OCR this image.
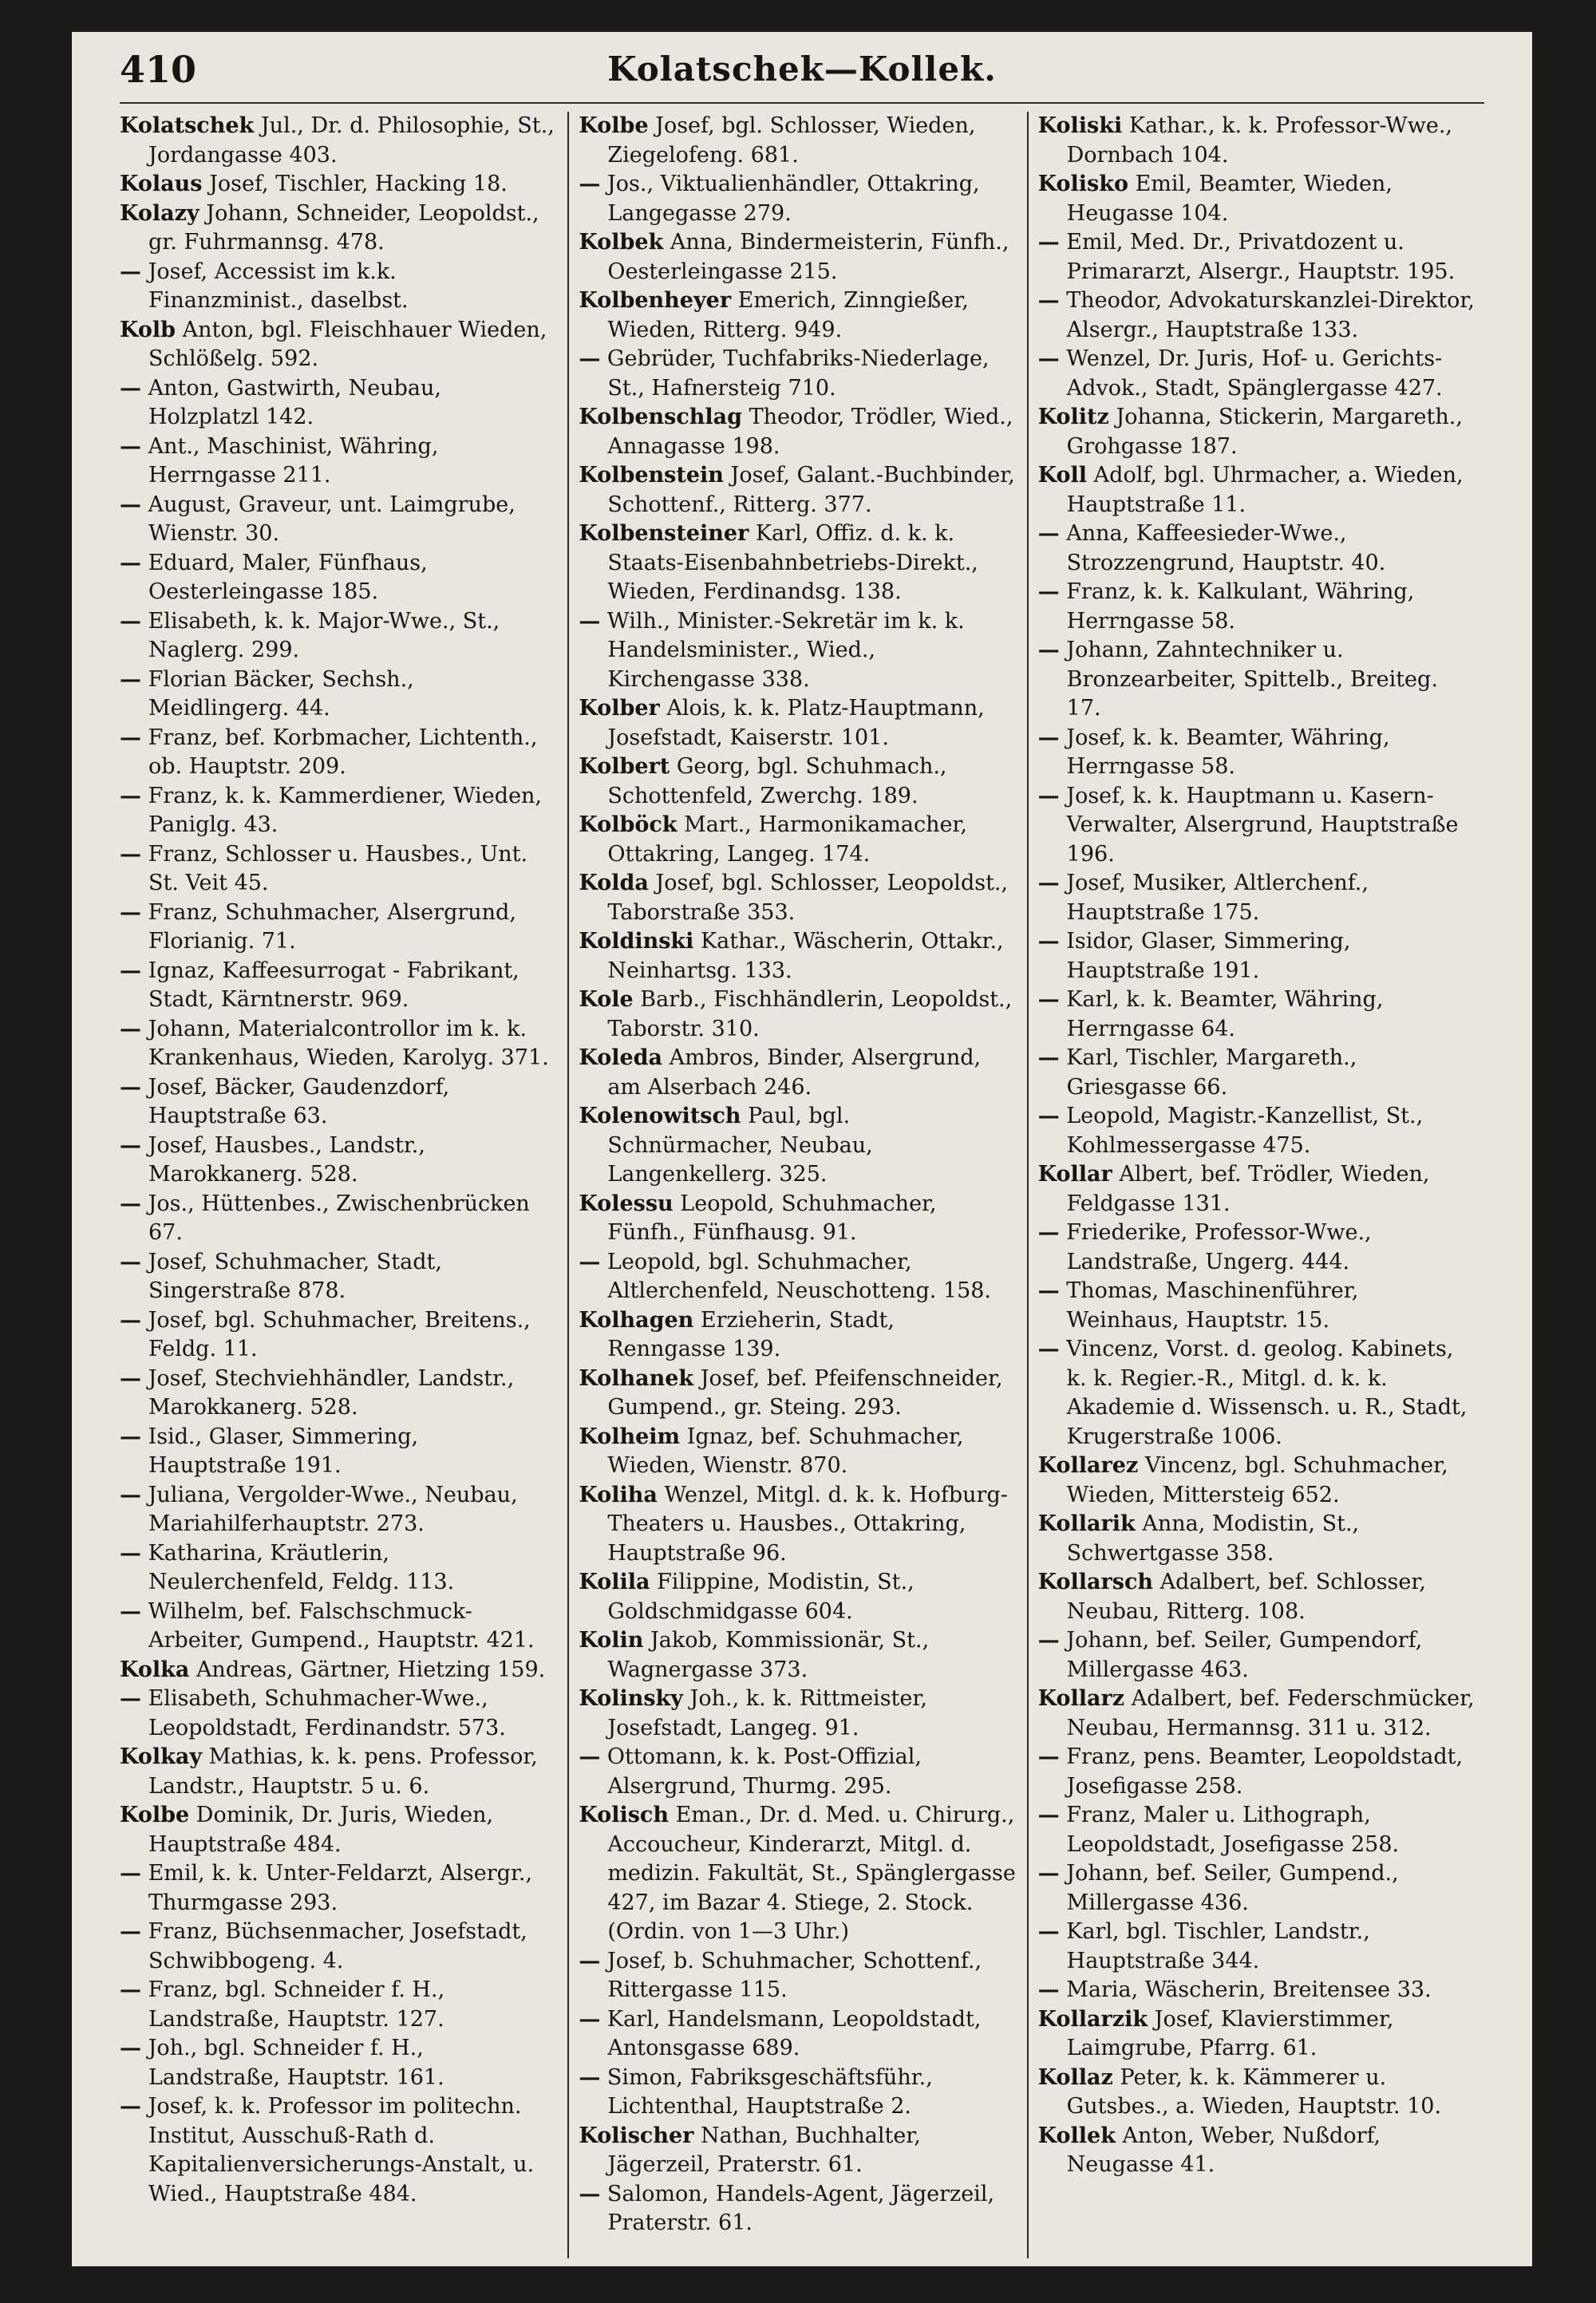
410	Kolatschek—Kollek.
Kolatschek Jul., Dr. d. Philosophie, St., Jordangasse 403.
Kolaus Josef, Tischler, Hacking 18.
Kolazy Johann, Schneider, Leopoldst., gr. Fuhrmannsg. 478.
— Josef, Accessist im k.k. Finanzminist., daselbst.
Kolb Anton, bgl. Fleischhauer Wieden, Schlößelg. 592.
— Anton, Gastwirth, Neubau, Holzplatzl 142.
— Ant., Maschinist, Währing, Herrngasse 211.
— August, Graveur, unt. Laimgrube, Wienstr. 30.
— Eduard, Maler, Fünfhaus, Oesterleingasse 185.
— Elisabeth, k. k. Major-Wwe., St., Naglerg. 299.
— Florian Bäcker, Sechsh., Meidlingerg. 44.
— Franz, bef. Korbmacher, Lichtenth., ob. Hauptstr. 209.
— Franz, k. k. Kammerdiener, Wieden, Paniglg. 43.
— Franz, Schlosser u. Hausbes., Unt. St. Veit 45.
— Franz, Schuhmacher, Alsergrund, Florianig. 71.
— Ignaz, Kaffeesurrogat - Fabrikant, Stadt, Kärntnerstr. 969.
— Johann, Materialcontrollor im k. k. Krankenhaus, Wieden, Karolyg. 371.
— Josef, Bäcker, Gaudenzdorf, Hauptstraße 63.
— Josef, Hausbes., Landstr., Marokkanerg. 528.
— Jos., Hüttenbes., Zwischenbrücken 67.
— Josef, Schuhmacher, Stadt, Singerstraße 878.
— Josef, bgl. Schuhmacher, Breitens., Feldg. 11.
— Josef, Stechviehhändler, Landstr., Marokkanerg. 528.
— Isid., Glaser, Simmering, Hauptstraße 191.
— Juliana, Vergolder-Wwe., Neubau, Mariahilferhauptstr. 273.
— Katharina, Kräutlerin, Neulerchenfeld, Feldg. 113.
— Wilhelm, bef. Falschschmuck-Arbeiter, Gumpend., Hauptstr. 421.
Kolka Andreas, Gärtner, Hietzing 159.
— Elisabeth, Schuhmacher-Wwe., Leopoldstadt, Ferdinandstr. 573.
Kolkay Mathias, k. k. pens. Professor, Landstr., Hauptstr. 5 u. 6.
Kolbe Dominik, Dr. Juris, Wieden, Hauptstraße 484.
— Emil, k. k. Unter-Feldarzt, Alsergr., Thurmgasse 293.
— Franz, Büchsenmacher, Josefstadt, Schwibbogeng. 4.
— Franz, bgl. Schneider f. H., Landstraße, Hauptstr. 127.
— Joh., bgl. Schneider f. H., Landstraße, Hauptstr. 161.
— Josef, k. k. Professor im politechn. Institut, Ausschuß-Rath d. Kapitalienversicherungs-Anstalt, u. Wied., Hauptstraße 484.
Kolbe Josef, bgl. Schlosser, Wieden, Ziegelofeng. 681.
— Jos., Viktualienhändler, Ottakring, Langegasse 279.
Kolbek Anna, Bindermeisterin, Fünfh., Oesterleingasse 215.
Kolbenheyer Emerich, Zinngießer, Wieden, Ritterg. 949.
— Gebrüder, Tuchfabriks-Niederlage, St., Hafnersteig 710.
Kolbenschlag Theodor, Trödler, Wied., Annagasse 198.
Kolbenstein Josef, Galant.-Buchbinder, Schottenf., Ritterg. 377.
Kolbensteiner Karl, Offiz. d. k. k. Staats-Eisenbahnbetriebs-Direkt., Wieden, Ferdinandsg. 138.
— Wilh., Minister.-Sekretär im k. k. Handelsminister., Wied., Kirchengasse 338.
Kolber Alois, k. k. Platz-Hauptmann, Josefstadt, Kaiserstr. 101.
Kolbert Georg, bgl. Schuhmach., Schottenfeld, Zwerchg. 189.
Kolböck Mart., Harmonikamacher, Ottakring, Langeg. 174.
Kolda Josef, bgl. Schlosser, Leopoldst., Taborstraße 353.
Koldinski Kathar., Wäscherin, Ottakr., Neinhartsg. 133.
Kole Barb., Fischhändlerin, Leopoldst., Taborstr. 310.
Koleda Ambros, Binder, Alsergrund, am Alserbach 246.
Kolenowitsch Paul, bgl. Schnürmacher, Neubau, Langenkellerg. 325.
Kolessu Leopold, Schuhmacher, Fünfh., Fünfhausg. 91.
— Leopold, bgl. Schuhmacher, Altlerchenfeld, Neuschotteng. 158.
Kolhagen Erzieherin, Stadt, Renngasse 139.
Kolhanek Josef, bef. Pfeifenschneider, Gumpend., gr. Steing. 293.
Kolheim Ignaz, bef. Schuhmacher, Wieden, Wienstr. 870.
Koliha Wenzel, Mitgl. d. k. k. Hofburg-Theaters u. Hausbes., Ottakring, Hauptstraße 96.
Kolila Filippine, Modistin, St., Goldschmidgasse 604.
Kolin Jakob, Kommissionär, St., Wagnergasse 373.
Kolinsky Joh., k. k. Rittmeister, Josefstadt, Langeg. 91.
— Ottomann, k. k. Post-Offizial, Alsergrund, Thurmg. 295.
Kolisch Eman., Dr. d. Med. u. Chirurg., Accoucheur, Kinderarzt, Mitgl. d. medizin. Fakultät, St., Spänglergasse 427, im Bazar 4. Stiege, 2. Stock. (Ordin. von 1—3 Uhr.)
— Josef, b. Schuhmacher, Schottenf., Rittergasse 115.
— Karl, Handelsmann, Leopoldstadt, Antonsgasse 689.
— Simon, Fabriksgeschäftsführ., Lichtenthal, Hauptstraße 2.
Kolischer Nathan, Buchhalter, Jägerzeil, Praterstr. 61.
— Salomon, Handels-Agent, Jägerzeil, Praterstr. 61.
Koliski Kathar., k. k. Professor-Wwe., Dornbach 104.
Kolisko Emil, Beamter, Wieden, Heugasse 104.
— Emil, Med. Dr., Privatdozent u. Primararzt, Alsergr., Hauptstr. 195.
— Theodor, Advokaturskanzlei-Direktor, Alsergr., Hauptstraße 133.
— Wenzel, Dr. Juris, Hof- u. Gerichts-Advok., Stadt, Spänglergasse 427.
Kolitz Johanna, Stickerin, Margareth., Grohgasse 187.
Koll Adolf, bgl. Uhrmacher, a. Wieden, Hauptstraße 11.
— Anna, Kaffeesieder-Wwe., Strozzengrund, Hauptstr. 40.
— Franz, k. k. Kalkulant, Währing, Herrngasse 58.
— Johann, Zahntechniker u. Bronzearbeiter, Spittelb., Breiteg. 17.
— Josef, k. k. Beamter, Währing, Herrngasse 58.
— Josef, k. k. Hauptmann u. Kasern-Verwalter, Alsergrund, Hauptstraße 196.
— Josef, Musiker, Altlerchenf., Hauptstraße 175.
— Isidor, Glaser, Simmering, Hauptstraße 191.
— Karl, k. k. Beamter, Währing, Herrngasse 64.
— Karl, Tischler, Margareth., Griesgasse 66.
— Leopold, Magistr.-Kanzellist, St., Kohlmessergasse 475.
Kollar Albert, bef. Trödler, Wieden, Feldgasse 131.
— Friederike, Professor-Wwe., Landstraße, Ungerg. 444.
— Thomas, Maschinenführer, Weinhaus, Hauptstr. 15.
— Vincenz, Vorst. d. geolog. Kabinets, k. k. Regier.-R., Mitgl. d. k. k. Akademie d. Wissensch. u. R., Stadt, Krugerstraße 1006.
Kollarez Vincenz, bgl. Schuhmacher, Wieden, Mittersteig 652.
Kollarik Anna, Modistin, St., Schwertgasse 358.
Kollarsch Adalbert, bef. Schlosser, Neubau, Ritterg. 108.
— Johann, bef. Seiler, Gumpendorf, Millergasse 463.
Kollarz Adalbert, bef. Federschmücker, Neubau, Hermannsg. 311 u. 312.
— Franz, pens. Beamter, Leopoldstadt, Josefigasse 258.
— Franz, Maler u. Lithograph, Leopoldstadt, Josefigasse 258.
— Johann, bef. Seiler, Gumpend., Millergasse 436.
— Karl, bgl. Tischler, Landstr., Hauptstraße 344.
— Maria, Wäscherin, Breitensee 33.
Kollarzik Josef, Klavierstimmer, Laimgrube, Pfarrg. 61.
Kollaz Peter, k. k. Kämmerer u. Gutsbes., a. Wieden, Hauptstr. 10.
Kollek Anton, Weber, Nußdorf, Neugasse 41.
